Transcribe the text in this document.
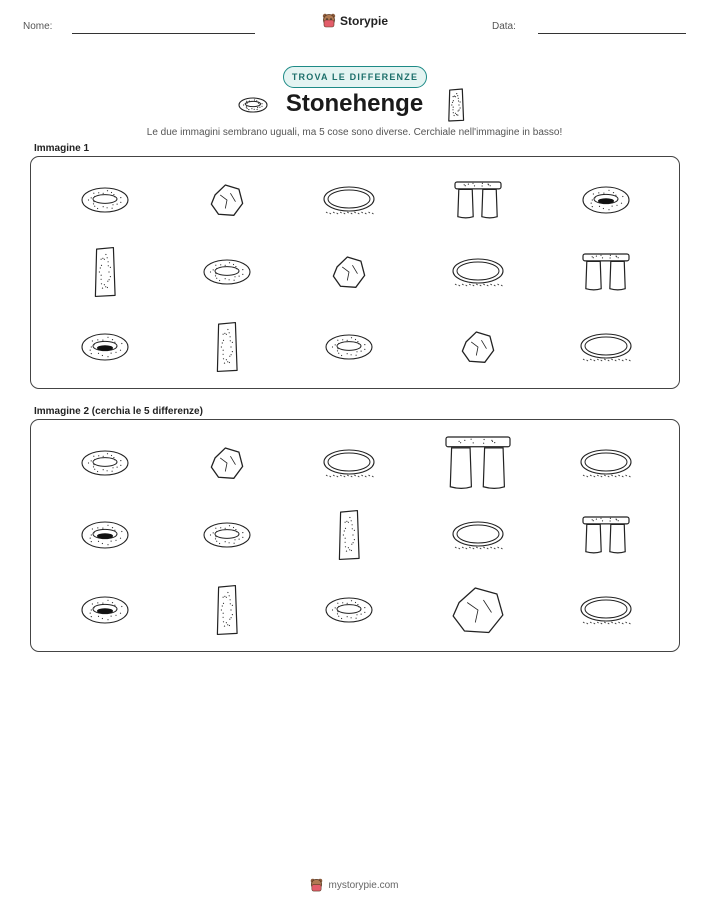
Nome:	Storypie	Data:
TROVA LE DIFFERENZE
Stonehenge
Le due immagini sembrano uguali, ma 5 cose sono diverse. Cerchiale nell'immagine in basso!
Immagine 1
Immagine 2 (cerchia le 5 differenze)
mystorypie.com
